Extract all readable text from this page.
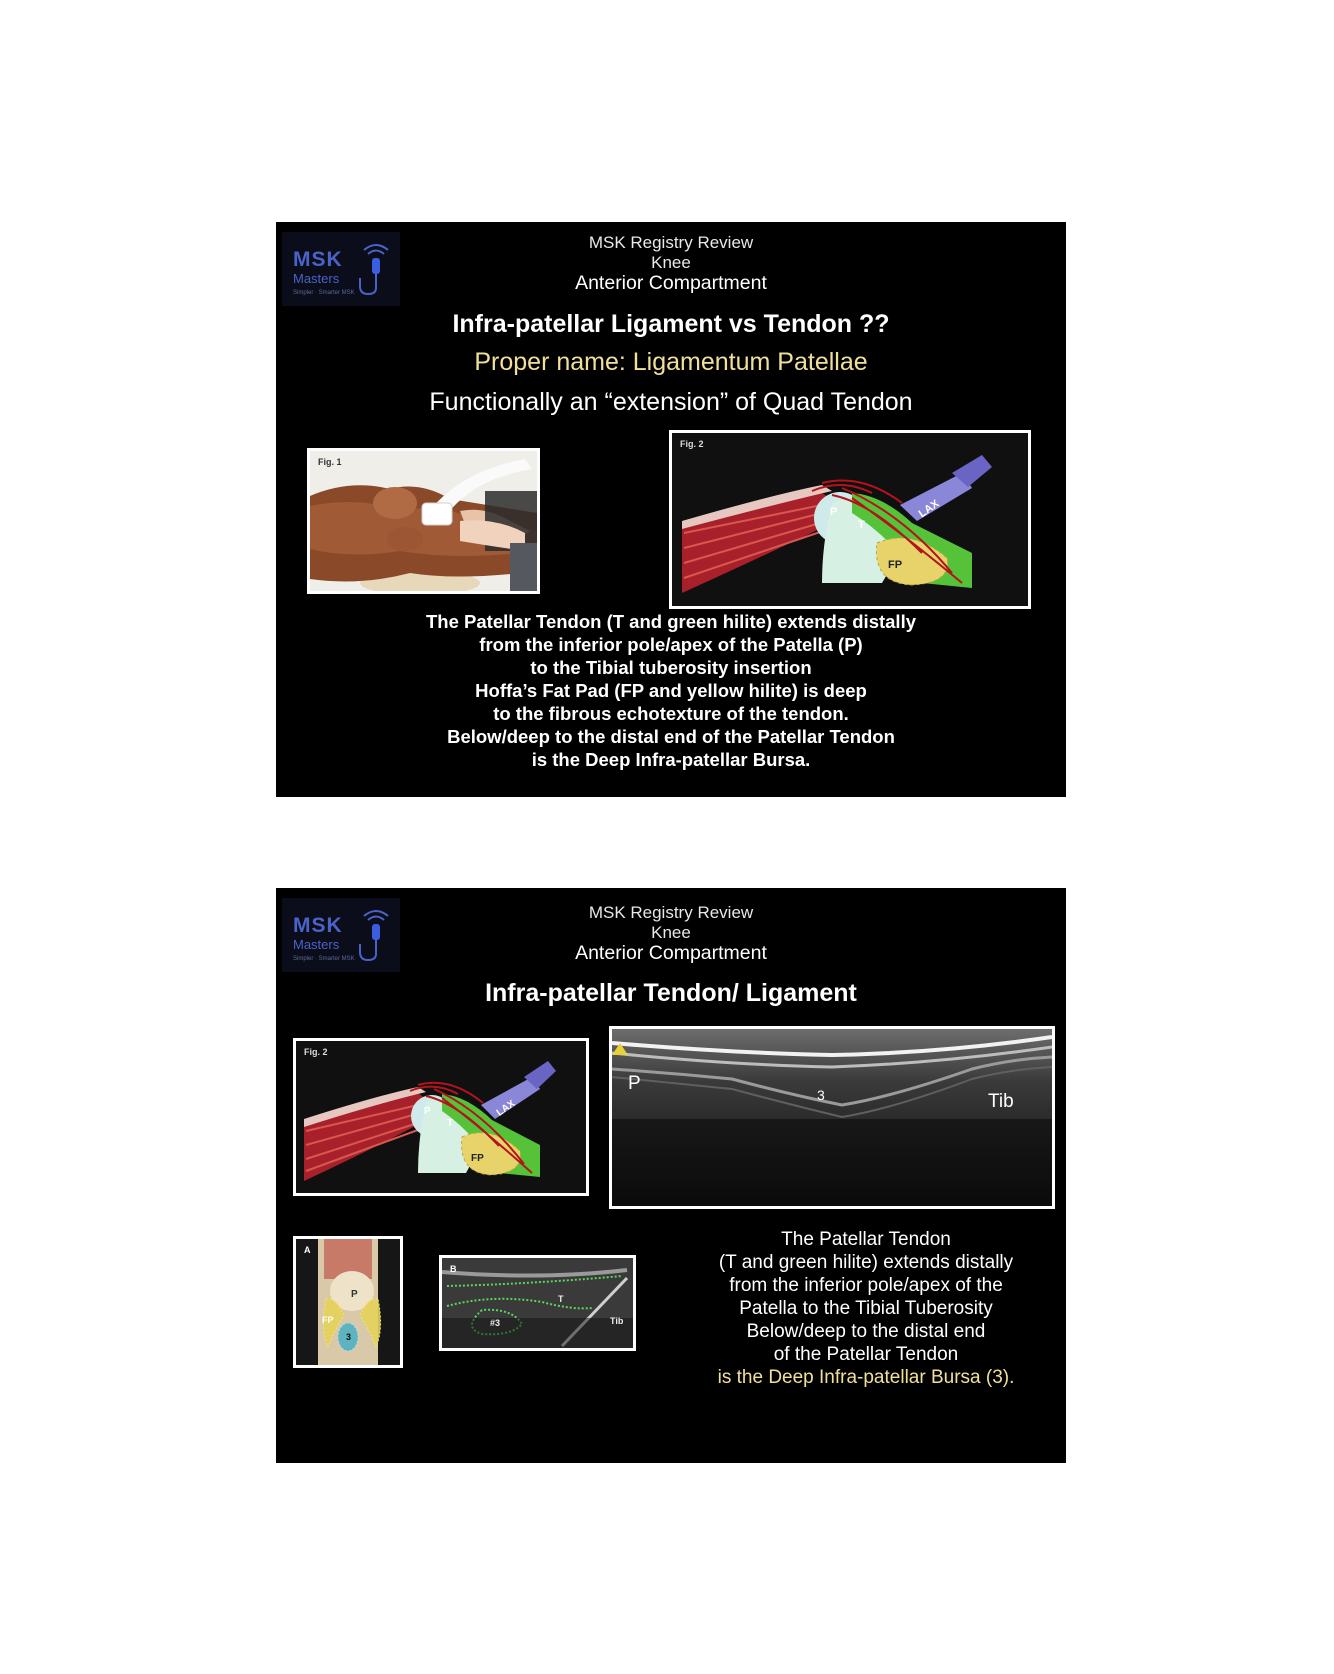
MSK
Masters
Simpler · Smarter MSK
MSK Registry Review
Knee
Anterior Compartment
Infra-patellar Ligament vs Tendon ??
Proper name: Ligamentum Patellae
Functionally an “extension” of Quad Tendon
Fig. 1
Fig. 2
P
T
FP
LAX
The Patellar Tendon (T and green hilite) extends distally
from the inferior pole/apex of the Patella (P)
to the Tibial tuberosity insertion
Hoffa’s Fat Pad (FP and yellow hilite) is deep
to the fibrous echotexture of the tendon.
Below/deep to the distal end of the Patellar Tendon
is the Deep Infra-patellar Bursa.
MSK
Masters
Simpler · Smarter MSK
MSK Registry Review
Knee
Anterior Compartment
Infra-patellar Tendon/ Ligament
Fig. 2
P
T
FP
LAX
P
3	Tib
A
P
FP
3
B
T
Tib
#3
The Patellar Tendon
(T and green hilite) extends distally
from the inferior pole/apex of the
Patella to the Tibial Tuberosity
Below/deep to the distal end
of the Patellar Tendon
is the Deep Infra-patellar Bursa (3).
